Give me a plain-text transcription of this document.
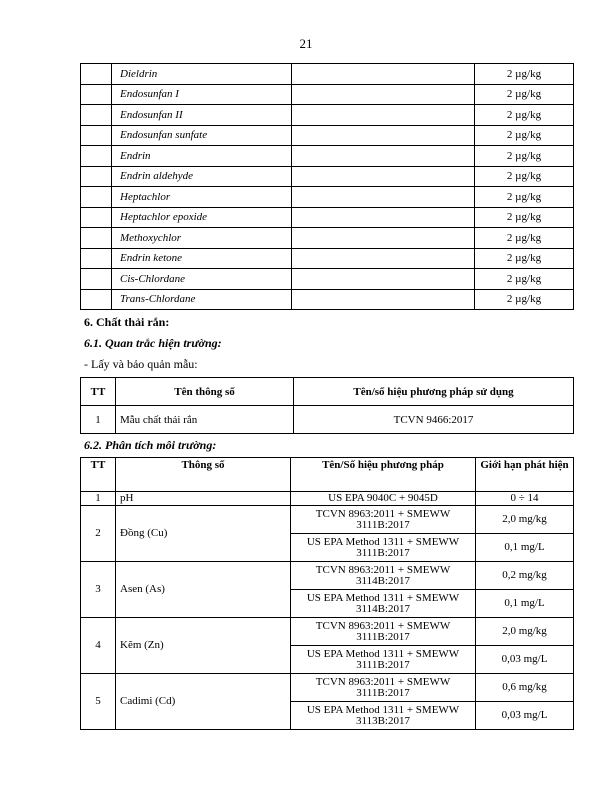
21
	Dieldrin		2 µg/kg
	Endosunfan I		2 µg/kg
	Endosunfan II		2 µg/kg
	Endosunfan sunfate		2 µg/kg
	Endrin		2 µg/kg
	Endrin aldehyde		2 µg/kg
	Heptachlor		2 µg/kg
	Heptachlor epoxide		2 µg/kg
	Methoxychlor		2 µg/kg
	Endrin ketone		2 µg/kg
	Cis-Chlordane		2 µg/kg
	Trans-Chlordane		2 µg/kg
6. Chất thải rắn:
6.1. Quan trắc hiện trường:
- Lấy và bảo quản mẫu:
TT	Tên thông số	Tên/số hiệu phương pháp sử dụng
1	Mẫu chất thải rắn	TCVN 9466:2017
6.2. Phân tích môi trường:
TT	Thông số	Tên/Số hiệu phương pháp	Giới hạn phát hiện
1	pH	US EPA 9040C + 9045D	0 ÷ 14
2	Đồng (Cu)	TCVN 8963:2011 + SMEWW 3111B:2017	2,0 mg/kg
		US EPA Method 1311 + SMEWW 3111B:2017	0,1 mg/L
3	Asen (As)	TCVN 8963:2011 + SMEWW 3114B:2017	0,2 mg/kg
		US EPA Method 1311 + SMEWW 3114B:2017	0,1 mg/L
4	Kẽm (Zn)	TCVN 8963:2011 + SMEWW 3111B:2017	2,0 mg/kg
		US EPA Method 1311 + SMEWW 3111B:2017	0,03 mg/L
5	Cadimi (Cd)	TCVN 8963:2011 + SMEWW 3111B:2017	0,6 mg/kg
		US EPA Method 1311 + SMEWW 3113B:2017	0,03 mg/L
